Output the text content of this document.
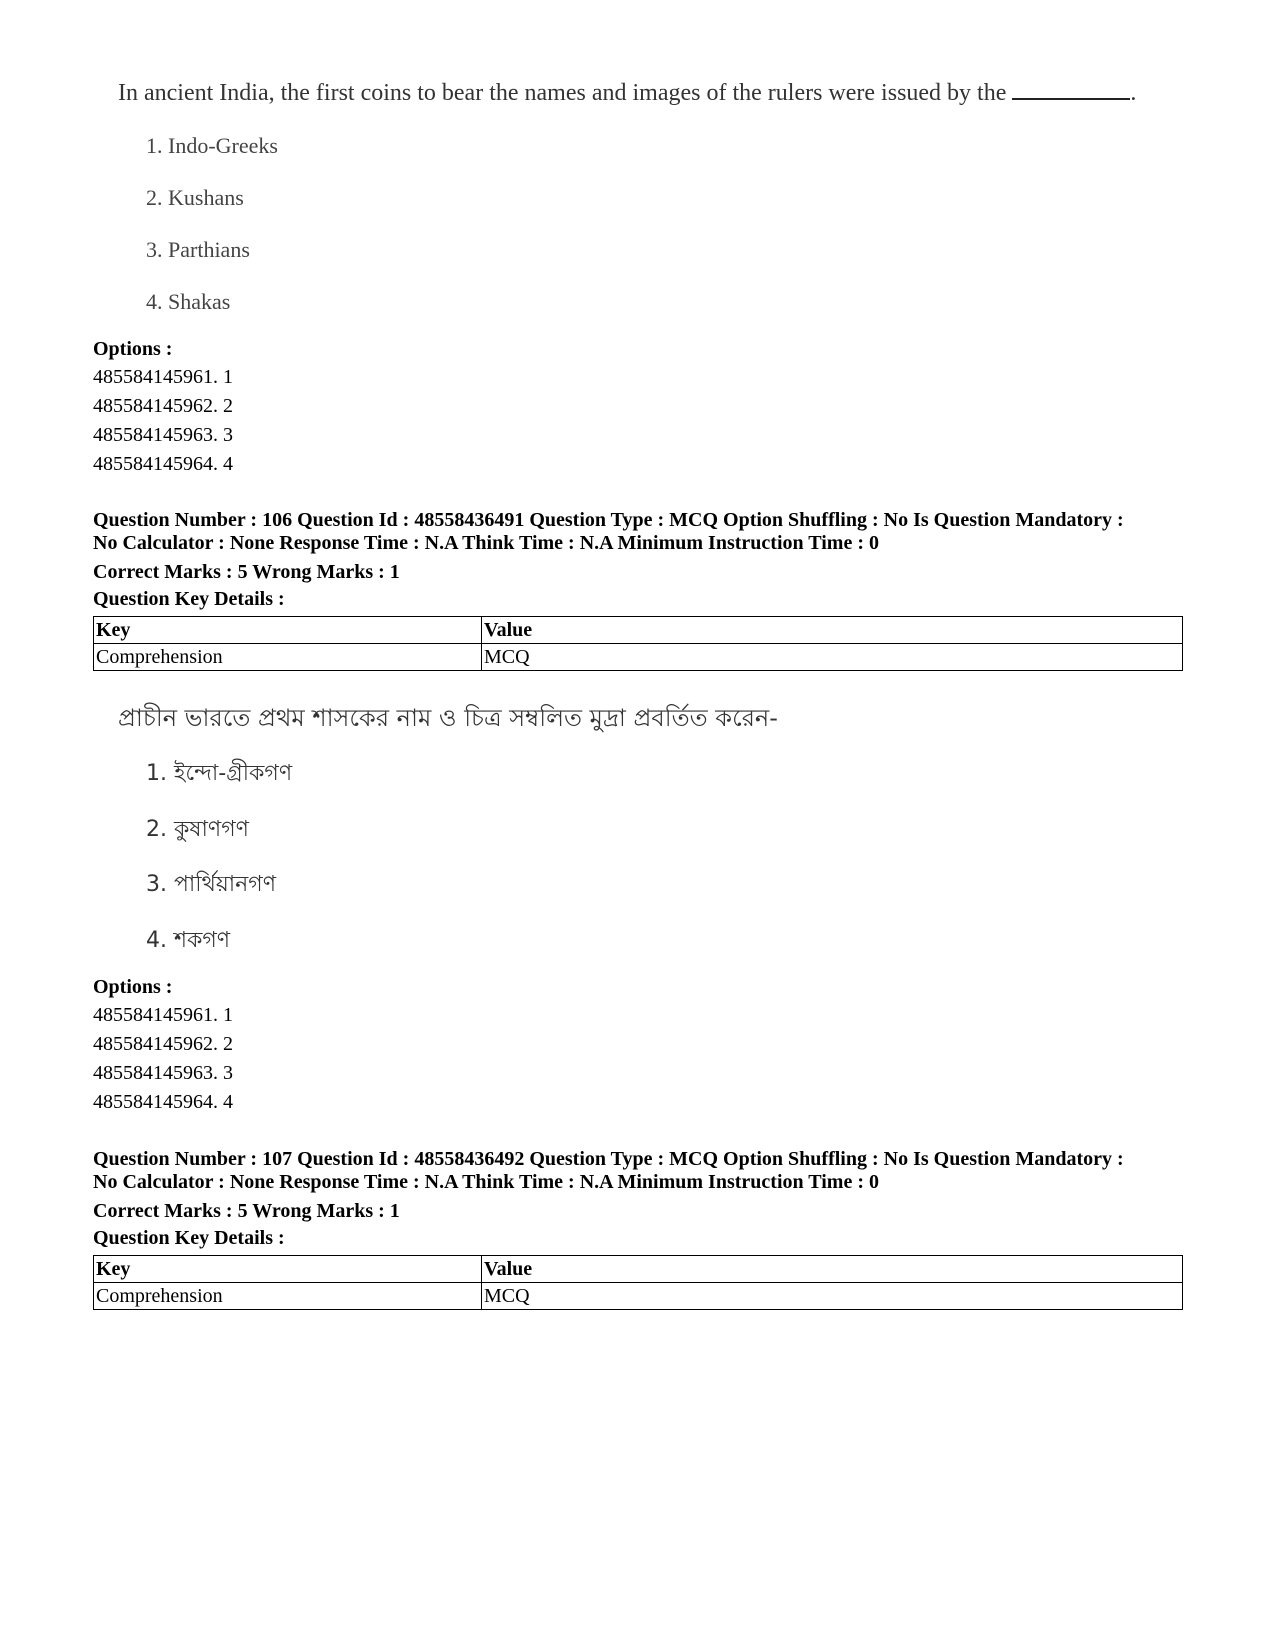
In ancient India, the first coins to bear the names and images of the rulers were issued by the	.
1. Indo-Greeks
2. Kushans
3. Parthians
4. Shakas
Options :
485584145961. 1
485584145962. 2
485584145963. 3
485584145964. 4
Question Number : 106 Question Id : 48558436491 Question Type : MCQ Option Shuffling : No Is Question Mandatory :
No Calculator : None Response Time : N.A Think Time : N.A Minimum Instruction Time : 0
Correct Marks : 5 Wrong Marks : 1
Question Key Details :
Key	Value
Comprehension	MCQ
প্রাচীন ভারতে প্রথম শাসকের নাম ও চিত্র সম্বলিত মুদ্রা প্রবর্তিত করেন-
1. ইন্দো-গ্রীকগণ
2. কুষাণগণ
3. পার্থিয়ানগণ
4. শকগণ
Options :
485584145961. 1
485584145962. 2
485584145963. 3
485584145964. 4
Question Number : 107 Question Id : 48558436492 Question Type : MCQ Option Shuffling : No Is Question Mandatory :
No Calculator : None Response Time : N.A Think Time : N.A Minimum Instruction Time : 0
Correct Marks : 5 Wrong Marks : 1
Question Key Details :
Key	Value
Comprehension	MCQ
